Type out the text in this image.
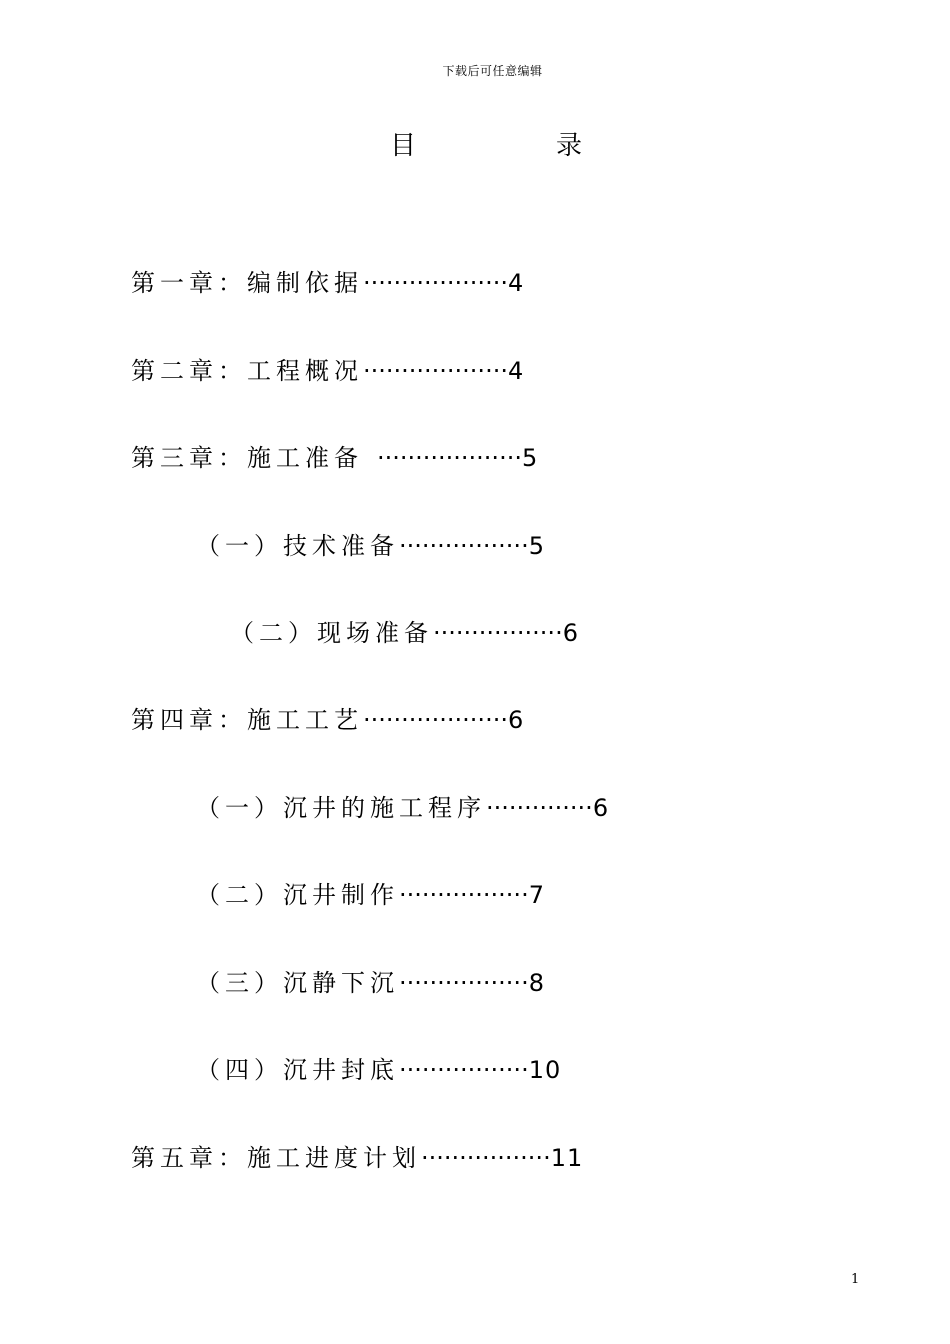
下载后可任意编辑
目	录
第一章：编制依据···················4
第二章：工程概况···················4
第三章：施工准备 ···················5
（一）技术准备·················5
（二）现场准备·················6
第四章：施工工艺···················6
（一）沉井的施工程序··············6
（二）沉井制作·················7
（三）沉静下沉·················8
（四）沉井封底·················10
第五章：施工进度计划·················11
1
